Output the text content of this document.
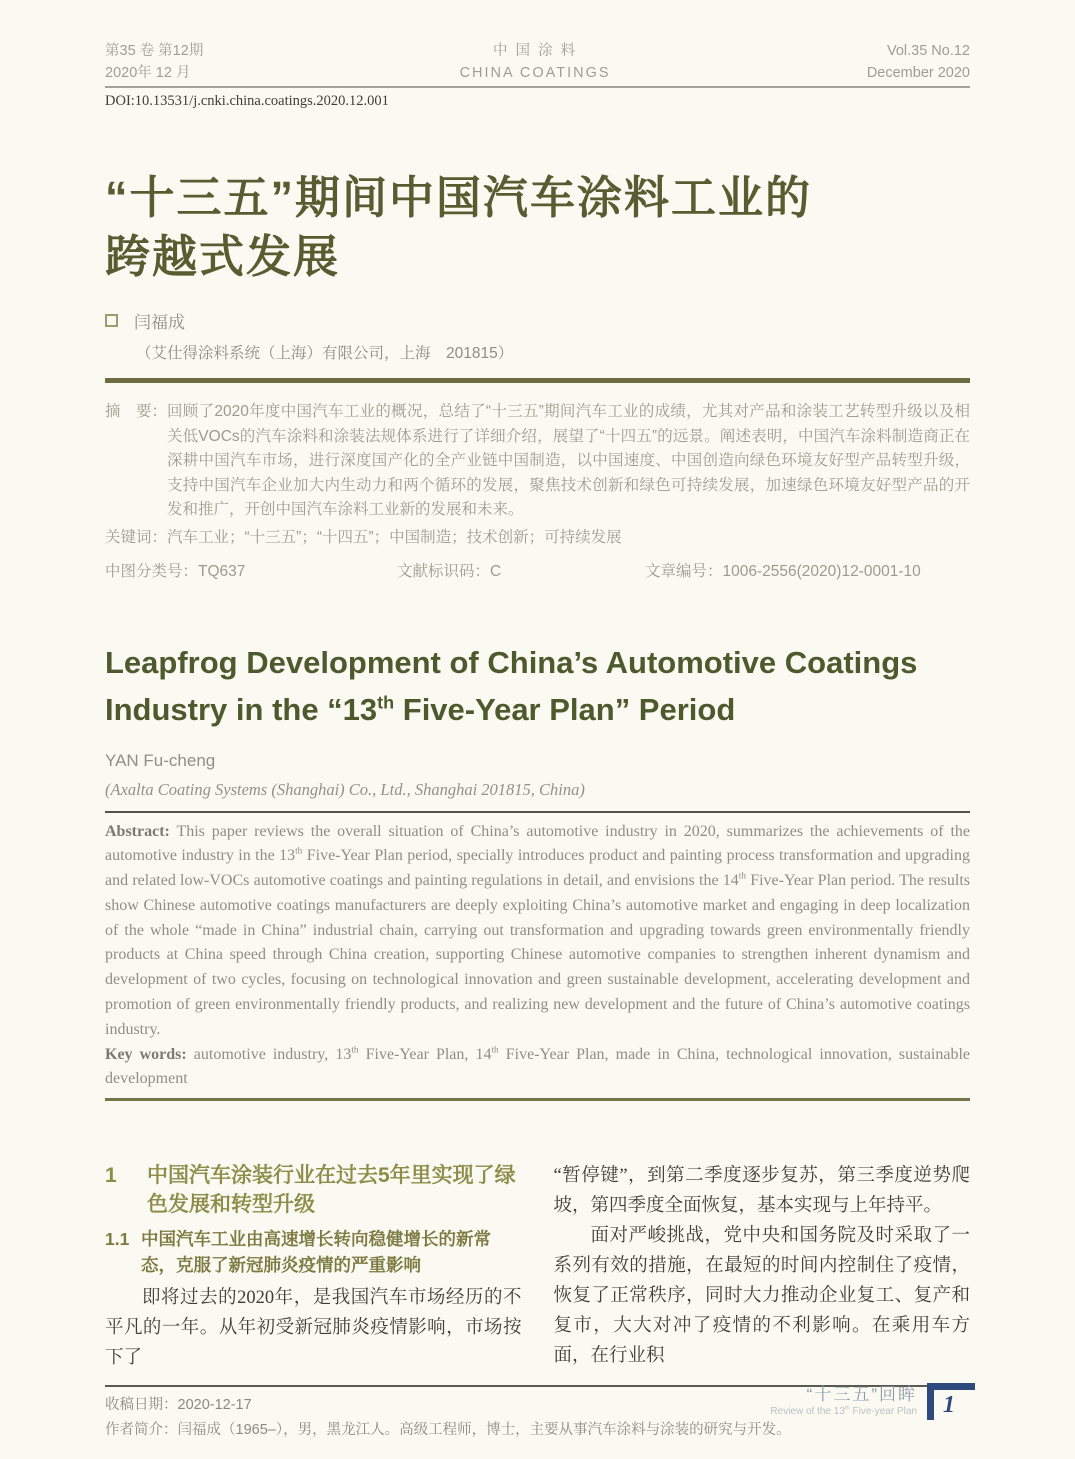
第35 卷 第12期
2020年 12 月
中 国 涂 料
CHINA COATINGS
Vol.35 No.12
December 2020
DOI:10.13531/j.cnki.china.coatings.2020.12.001
“十三五”期间中国汽车涂料工业的
跨越式发展
闫福成
（艾仕得涂料系统（上海）有限公司，上海　201815）
摘　要： 回顾了2020年度中国汽车工业的概况，总结了“十三五”期间汽车工业的成绩，尤其对产品和涂装工艺转型升级以及相关低VOCs的汽车涂料和涂装法规体系进行了详细介绍，展望了“十四五”的远景。阐述表明，中国汽车涂料制造商正在深耕中国汽车市场，进行深度国产化的全产业链中国制造，以中国速度、中国创造向绿色环境友好型产品转型升级，支持中国汽车企业加大内生动力和两个循环的发展，聚焦技术创新和绿色可持续发展，加速绿色环境友好型产品的开发和推广，开创中国汽车涂料工业新的发展和未来。
关键词：汽车工业；“十三五”；“十四五”；中国制造；技术创新；可持续发展
中图分类号：TQ637	文献标识码：C	文章编号：1006-2556(2020)12-0001-10
Leapfrog Development of China’s Automotive Coatings
Industry in the “13th Five-Year Plan” Period
YAN Fu-cheng
(Axalta Coating Systems (Shanghai) Co., Ltd., Shanghai 201815, China)

Abstract: This paper reviews the overall situation of China’s automotive industry in 2020, summarizes the achievements of the automotive industry in the 13th Five-Year Plan period, specially introduces product and painting process transformation and upgrading and related low-VOCs automotive coatings and painting regulations in detail, and envisions the 14th Five-Year Plan period. The results show Chinese automotive coatings manufacturers are deeply exploiting China’s automotive market and engaging in deep localization of the whole “made in China” industrial chain, carrying out transformation and upgrading towards green environmentally friendly products at China speed through China creation, supporting Chinese automotive companies to strengthen inherent dynamism and development of two cycles, focusing on technological innovation and green sustainable development, accelerating development and promotion of green environmentally friendly products, and realizing new development and the future of China’s automotive coatings industry.

Key words: automotive industry, 13th Five-Year Plan, 14th Five-Year Plan, made in China, technological innovation, sustainable development

1	中国汽车涂装行业在过去5年里实现了绿色发展和转型升级
1.1 中国汽车工业由高速增长转向稳健增长的新常态，克服了新冠肺炎疫情的严重影响

即将过去的2020年，是我国汽车市场经历的不平凡的一年。从年初受新冠肺炎疫情影响，市场按下了

“暂停键”，到第二季度逐步复苏，第三季度逆势爬坡，第四季度全面恢复，基本实现与上年持平。

面对严峻挑战，党中央和国务院及时采取了一系列有效的措施，在最短的时间内控制住了疫情，恢复了正常秩序，同时大力推动企业复工、复产和复市，大大对冲了疫情的不利影响。在乘用车方面，在行业积

收稿日期：2020-12-17
作者简介：闫福成（1965–），男，黑龙江人。高级工程师，博士，主要从事汽车涂料与涂装的研究与开发。
“十三五”回眸
Review of the 13th Five-year Plan	1
